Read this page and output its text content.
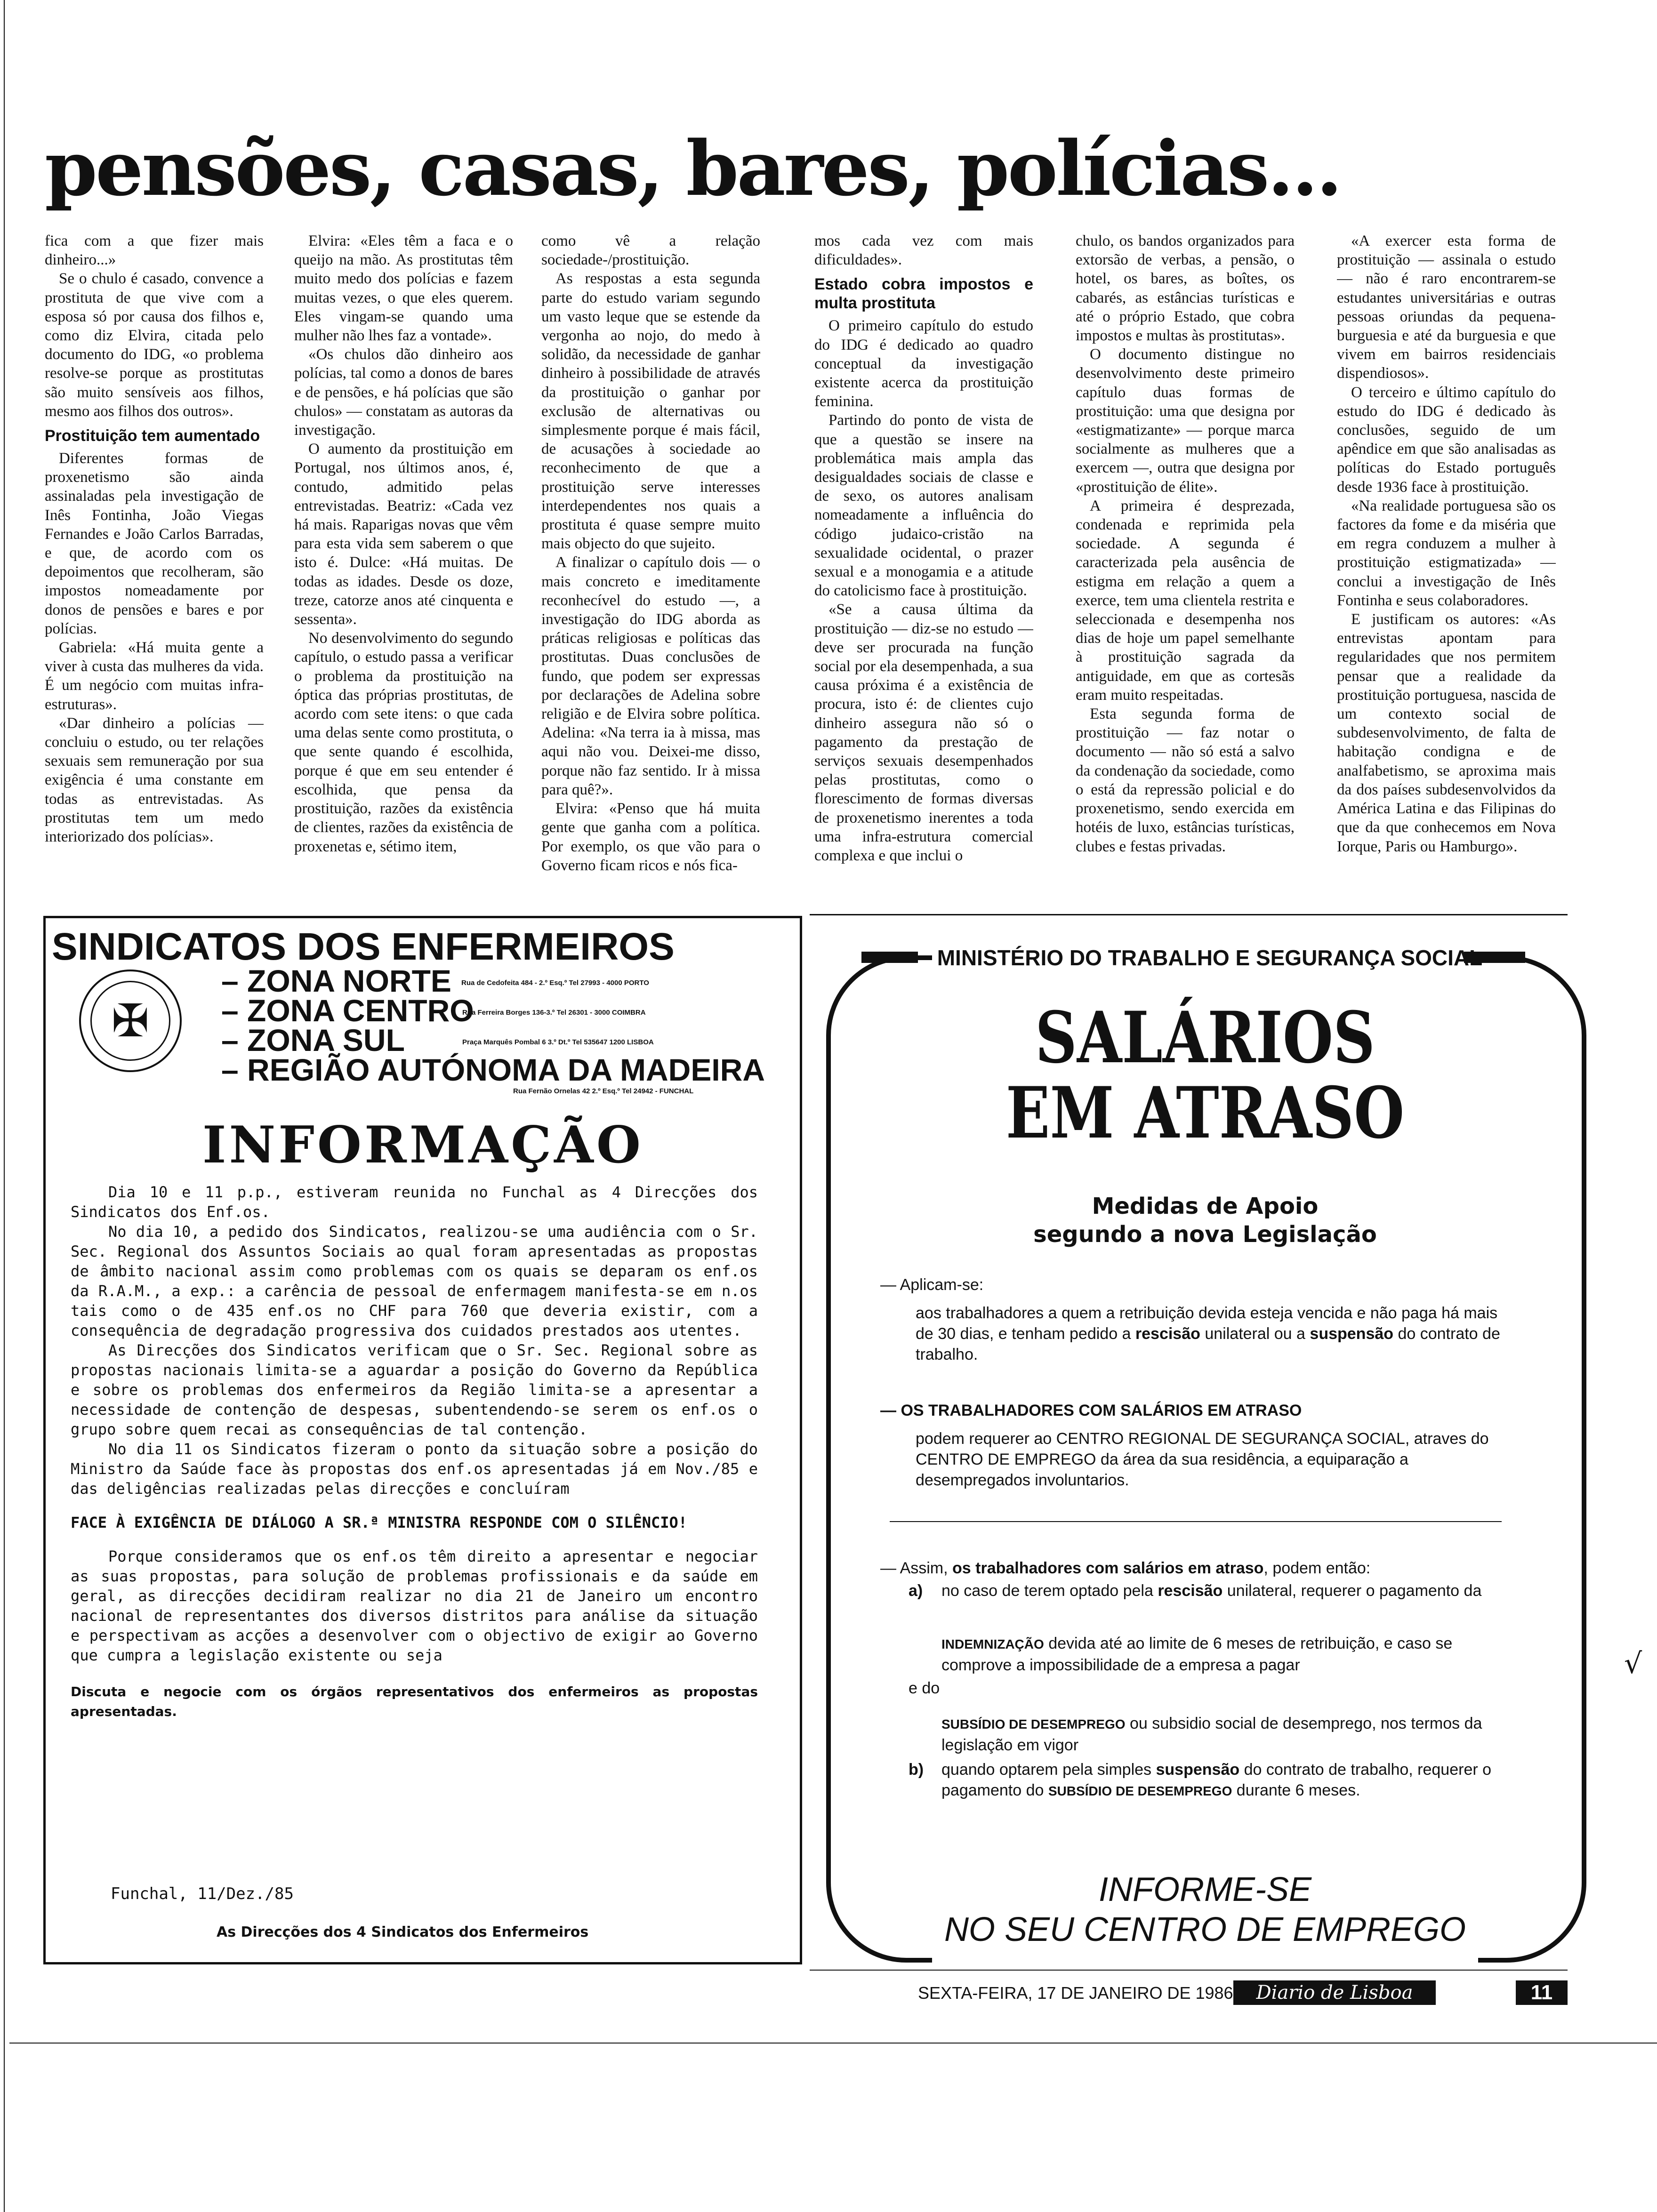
pensões, casas, bares, polícias...

fica com a que fizer mais dinheiro...»

Se o chulo é casado, convence a prostituta de que vive com a esposa só por causa dos filhos e, como diz Elvira, citada pelo documento do IDG, «o problema resolve-se porque as prostitutas são muito sensíveis aos filhos, mesmo aos filhos dos outros».

Prostituição tem aumentado

Diferentes formas de proxenetismo são ainda assinaladas pela investigação de Inês Fontinha, João Viegas Fernandes e João Carlos Barradas, e que, de acordo com os depoimentos que recolheram, são impostos nomeadamente por donos de pensões e bares e por polícias.

Gabriela: «Há muita gente a viver à custa das mulheres da vida. É um negócio com muitas infra-estruturas».

«Dar dinheiro a polícias — concluiu o estudo, ou ter relações sexuais sem remuneração por sua exigência é uma constante em todas as entrevistadas. As prostitutas tem um medo interiorizado dos polícias».

Elvira: «Eles têm a faca e o queijo na mão. As prostitutas têm muito medo dos polícias e fazem muitas vezes, o que eles querem. Eles vingam-se quando uma mulher não lhes faz a vontade».

«Os chulos dão dinheiro aos polícias, tal como a donos de bares e de pensões, e há polícias que são chulos» — constatam as autoras da investigação.

O aumento da prostituição em Portugal, nos últimos anos, é, contudo, admitido pelas entrevistadas. Beatriz: «Cada vez há mais. Raparigas novas que vêm para esta vida sem saberem o que isto é. Dulce: «Há muitas. De todas as idades. Desde os doze, treze, catorze anos até cinquenta e sessenta».

No desenvolvimento do segundo capítulo, o estudo passa a verificar o problema da prostituição na óptica das próprias prostitutas, de acordo com sete itens: o que cada uma delas sente como prostituta, o que sente quando é escolhida, porque é que em seu entender é escolhida, que pensa da prostituição, razões da existência de clientes, razões da existência de proxenetas e, sétimo item,

como vê a relação sociedade-/prostituição.

As respostas a esta segunda parte do estudo variam segundo um vasto leque que se estende da vergonha ao nojo, do medo à solidão, da necessidade de ganhar dinheiro à possibilidade de através da prostituição o ganhar por exclusão de alternativas ou simplesmente porque é mais fácil, de acusações à sociedade ao reconhecimento de que a prostituição serve interesses interdependentes nos quais a prostituta é quase sempre muito mais objecto do que sujeito.

A finalizar o capítulo dois — o mais concreto e imeditamente reconhecível do estudo —, a investigação do IDG aborda as práticas religiosas e políticas das prostitutas. Duas conclusões de fundo, que podem ser expressas por declarações de Adelina sobre religião e de Elvira sobre política. Adelina: «Na terra ia à missa, mas aqui não vou. Deixei-me disso, porque não faz sentido. Ir à missa para quê?».

Elvira: «Penso que há muita gente que ganha com a política. Por exemplo, os que vão para o Governo ficam ricos e nós fica-

mos cada vez com mais dificuldades».

Estado cobra impostos e multa prostituta

O primeiro capítulo do estudo do IDG é dedicado ao quadro conceptual da investigação existente acerca da prostituição feminina.

Partindo do ponto de vista de que a questão se insere na problemática mais ampla das desigualdades sociais de classe e de sexo, os autores analisam nomeadamente a influência do código judaico-cristão na sexualidade ocidental, o prazer sexual e a monogamia e a atitude do catolicismo face à prostituição.

«Se a causa última da prostituição — diz-se no estudo — deve ser procurada na função social por ela desempenhada, a sua causa próxima é a existência de procura, isto é: de clientes cujo dinheiro assegura não só o pagamento da prestação de serviços sexuais desempenhados pelas prostitutas, como o florescimento de formas diversas de proxenetismo inerentes a toda uma infra-estrutura comercial complexa e que inclui o

chulo, os bandos organizados para extorsão de verbas, a pensão, o hotel, os bares, as boîtes, os cabarés, as estâncias turísticas e até o próprio Estado, que cobra impostos e multas às prostitutas».

O documento distingue no desenvolvimento deste primeiro capítulo duas formas de prostituição: uma que designa por «estigmatizante» — porque marca socialmente as mulheres que a exercem —, outra que designa por «prostituição de élite».

A primeira é desprezada, condenada e reprimida pela sociedade. A segunda é caracterizada pela ausência de estigma em relação a quem a exerce, tem uma clientela restrita e seleccionada e desempenha nos dias de hoje um papel semelhante à prostituição sagrada da antiguidade, em que as cortesãs eram muito respeitadas.

Esta segunda forma de prostituição — faz notar o documento — não só está a salvo da condenação da sociedade, como o está da repressão policial e do proxenetismo, sendo exercida em hotéis de luxo, estâncias turísticas, clubes e festas privadas.

«A exercer esta forma de prostituição — assinala o estudo — não é raro encontrarem-se estudantes universitárias e outras pessoas oriundas da pequena-burguesia e até da burguesia e que vivem em bairros residenciais dispendiosos».

O terceiro e último capítulo do estudo do IDG é dedicado às conclusões, seguido de um apêndice em que são analisadas as políticas do Estado português desde 1936 face à prostituição.

«Na realidade portuguesa são os factores da fome e da miséria que em regra conduzem a mulher à prostituição estigmatizada» — conclui a investigação de Inês Fontinha e seus colaboradores.

E justificam os autores: «As entrevistas apontam para regularidades que nos permitem pensar que a realidade da prostituição portuguesa, nascida de um contexto social de subdesenvolvimento, de falta de habitação condigna e de analfabetismo, se aproxima mais da dos países subdesenvolvidos da América Latina e das Filipinas do que da que conhecemos em Nova Iorque, Paris ou Hamburgo».

SINDICATOS DOS ENFERMEIROS
✠
– ZONA NORTE Rua de Cedofeita 484 - 2.º Esq.º Tel 27993 - 4000 PORTO
– ZONA CENTRO
Rua Ferreira Borges 136-3.º Tel 26301 - 3000 COIMBRA
– ZONA SUL	Praça Marquês Pombal 6 3.º Dt.º Tel 535647 1200 LISBOA
– REGIÃO AUTÓNOMA DA MADEIRA
Rua Fernão Ornelas 42 2.º Esq.º Tel 24942 - FUNCHAL
INFORMAÇÃO

Dia 10 e 11 p.p., estiveram reunida no Funchal as 4 Direcções dos Sindicatos dos Enf.os.

No dia 10, a pedido dos Sindicatos, realizou-se uma audiência com o Sr. Sec. Regional dos Assuntos Sociais ao qual foram apresentadas as propostas de âmbito nacional assim como problemas com os quais se deparam os enf.os da R.A.M., a exp.: a carência de pessoal de enfermagem manifesta-se em n.os tais como o de 435 enf.os no CHF para 760 que deveria existir, com a consequência de degradação progressiva dos cuidados prestados aos utentes.

As Direcções dos Sindicatos verificam que o Sr. Sec. Regional sobre as propostas nacionais limita-se a aguardar a posição do Governo da República e sobre os problemas dos enfermeiros da Região limita-se a apresentar a necessidade de contenção de despesas, subentendendo-se serem os enf.os o grupo sobre quem recai as consequências de tal contenção.

No dia 11 os Sindicatos fizeram o ponto da situação sobre a posição do Ministro da Saúde face às propostas dos enf.os apresentadas já em Nov./85 e das deligências realizadas pelas direcções e concluíram

FACE À EXIGÊNCIA DE DIÁLOGO A SR.ª MINISTRA RESPONDE COM O SILÊNCIO!

Porque consideramos que os enf.os têm direito a apresentar e negociar as suas propostas, para solução de problemas profissionais e da saúde em geral, as direcções decidiram realizar no dia 21 de Janeiro um encontro nacional de representantes dos diversos distritos para análise da situação e perspectivam as acções a desenvolver com o objectivo de exigir ao Governo que cumpra a legislação existente ou seja

Discuta e negocie com os órgãos representativos dos enfermeiros as propostas apresentadas.

Funchal, 11/Dez./85
As Direcções dos 4 Sindicatos dos Enfermeiros
MINISTÉRIO DO TRABALHO E SEGURANÇA SOCIAL
SALÁRIOS
EM ATRASO
Medidas de Apoio
segundo a nova Legislação
— Aplicam-se:
aos trabalhadores a quem a retribuição devida esteja vencida e não paga há mais de 30 dias, e tenham pedido a rescisão unilateral ou a suspensão do contrato de trabalho.
— OS TRABALHADORES COM SALÁRIOS EM ATRASO
podem requerer ao CENTRO REGIONAL DE SEGURANÇA SOCIAL, atraves do CENTRO DE EMPREGO da área da sua residência, a equiparação a desempregados involuntarios.
— Assim, os trabalhadores com salários em atraso, podem então:
a) no caso de terem optado pela rescisão unilateral, requerer o pagamento da
INDEMNIZAÇÃO devida até ao limite de 6 meses de retribuição, e caso se comprove a impossibilidade de a empresa a pagar
e do
SUBSÍDIO DE DESEMPREGO ou subsidio social de desemprego, nos termos da legislação em vigor
b) quando optarem pela simples suspensão do contrato de trabalho, requerer o pagamento do SUBSÍDIO DE DESEMPREGO durante 6 meses.
INFORME-SE
NO SEU CENTRO DE EMPREGO
SEXTA-FEIRA, 17 DE JANEIRO DE 1986	Diario de Lisboa	11
√
